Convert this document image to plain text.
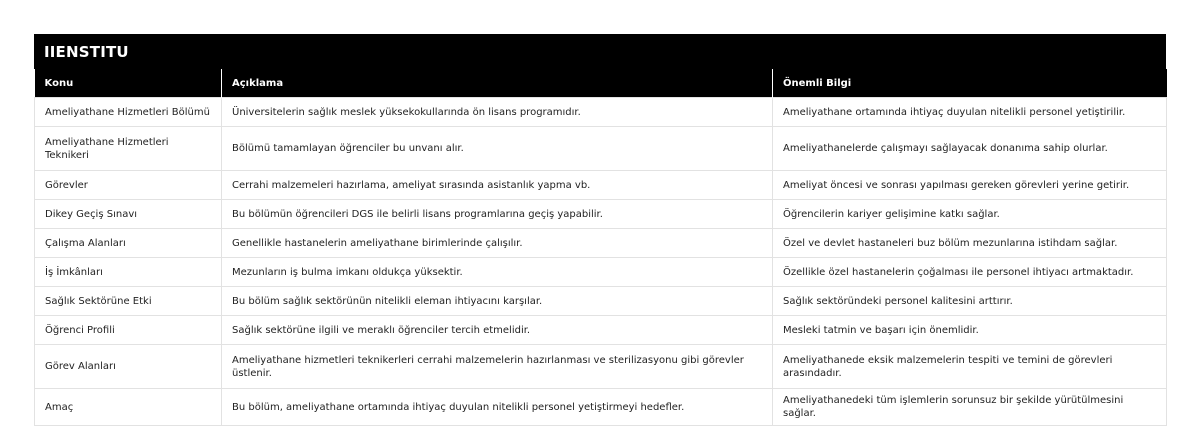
IIENSTITU
Konu	Açıklama	Önemli Bilgi
Ameliyathane Hizmetleri Bölümü	Üniversitelerin sağlık meslek yüksekokullarında ön lisans programıdır.	Ameliyathane ortamında ihtiyaç duyulan nitelikli personel yetiştirilir.
Ameliyathane Hizmetleri Teknikeri	Bölümü tamamlayan öğrenciler bu unvanı alır.	Ameliyathanelerde çalışmayı sağlayacak donanıma sahip olurlar.
Görevler	Cerrahi malzemeleri hazırlama, ameliyat sırasında asistanlık yapma vb.	Ameliyat öncesi ve sonrası yapılması gereken görevleri yerine getirir.
Dikey Geçiş Sınavı	Bu bölümün öğrencileri DGS ile belirli lisans programlarına geçiş yapabilir.	Öğrencilerin kariyer gelişimine katkı sağlar.
Çalışma Alanları	Genellikle hastanelerin ameliyathane birimlerinde çalışılır.	Özel ve devlet hastaneleri buz bölüm mezunlarına istihdam sağlar.
İş İmkânları	Mezunların iş bulma imkanı oldukça yüksektir.	Özellikle özel hastanelerin çoğalması ile personel ihtiyacı artmaktadır.
Sağlık Sektörüne Etki	Bu bölüm sağlık sektörünün nitelikli eleman ihtiyacını karşılar.	Sağlık sektöründeki personel kalitesini arttırır.
Öğrenci Profili	Sağlık sektörüne ilgili ve meraklı öğrenciler tercih etmelidir.	Mesleki tatmin ve başarı için önemlidir.
Görev Alanları	Ameliyathane hizmetleri teknikerleri cerrahi malzemelerin hazırlanması ve sterilizasyonu gibi görevler üstlenir.	Ameliyathanede eksik malzemelerin tespiti ve temini de görevleri arasındadır.
Amaç	Bu bölüm, ameliyathane ortamında ihtiyaç duyulan nitelikli personel yetiştirmeyi hedefler.	Ameliyathanedeki tüm işlemlerin sorunsuz bir şekilde yürütülmesini sağlar.
